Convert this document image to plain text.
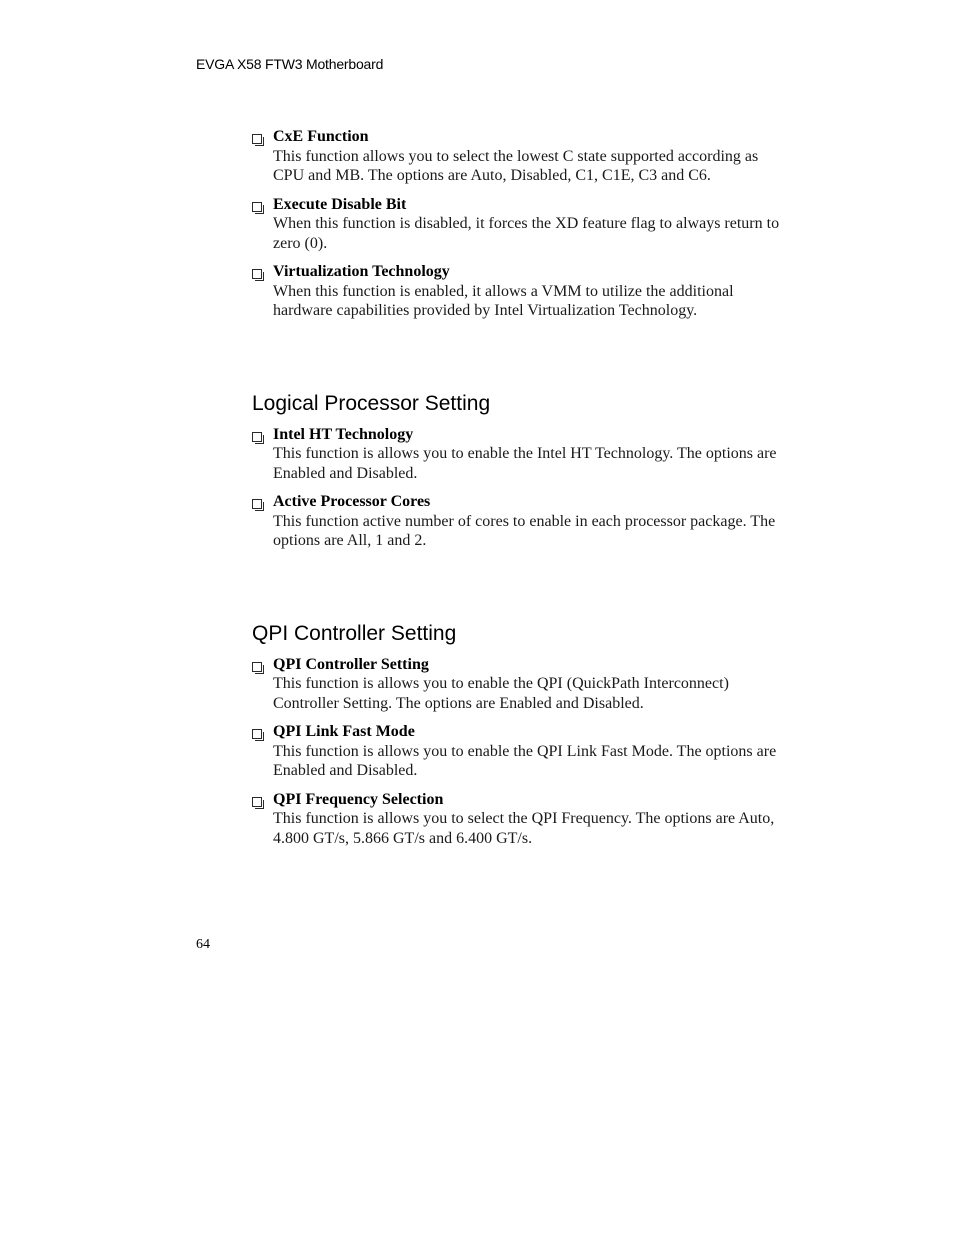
EVGA X58 FTW3 Motherboard
CxE Function
This function allows you to select the lowest C state supported according as CPU and MB. The options are Auto, Disabled, C1, C1E, C3 and C6.
Execute Disable Bit
When this function is disabled, it forces the XD feature flag to always return to zero (0).
Virtualization Technology
When this function is enabled, it allows a VMM to utilize the additional hardware capabilities provided by Intel Virtualization Technology.
Logical Processor Setting
Intel HT Technology
This function is allows you to enable the Intel HT Technology. The options are Enabled and Disabled.
Active Processor Cores
This function active number of cores to enable in each processor package. The options are All, 1 and 2.
QPI Controller Setting
QPI Controller Setting
This function is allows you to enable the QPI (QuickPath Interconnect) Controller Setting. The options are Enabled and Disabled.
QPI Link Fast Mode
This function is allows you to enable the QPI Link Fast Mode. The options are Enabled and Disabled.
QPI Frequency Selection
This function is allows you to select the QPI Frequency. The options are Auto, 4.800 GT/s, 5.866 GT/s and 6.400 GT/s.
64
